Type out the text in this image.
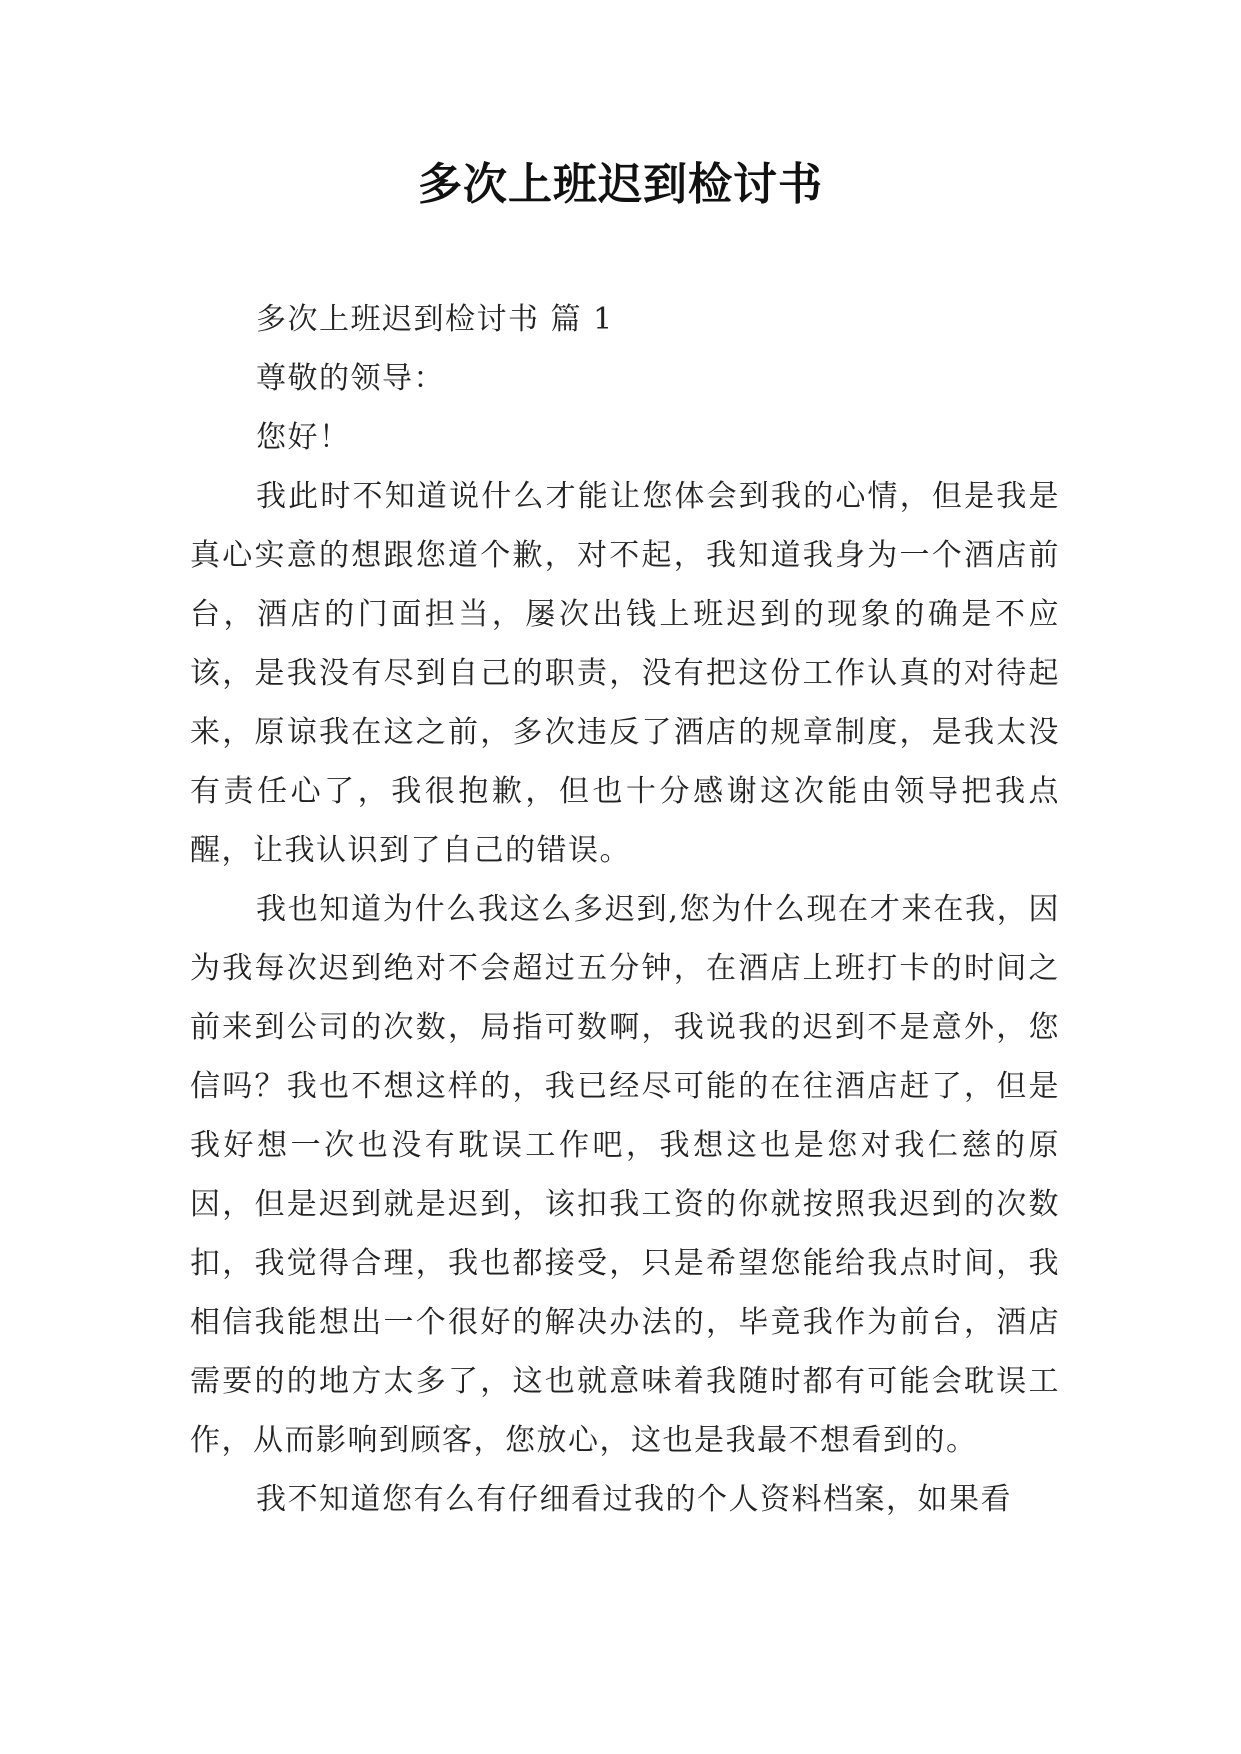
多次上班迟到检讨书

多次上班迟到检讨书 篇 1

尊敬的领导：

您好！

我此时不知道说什么才能让您体会到我的心情，但是我是真心实意的想跟您道个歉，对不起，我知道我身为一个酒店前台，酒店的门面担当，屡次出钱上班迟到的现象的确是不应该，是我没有尽到自己的职责，没有把这份工作认真的对待起来，原谅我在这之前，多次违反了酒店的规章制度，是我太没有责任心了，我很抱歉，但也十分感谢这次能由领导把我点醒，让我认识到了自己的错误。

我也知道为什么我这么多迟到,您为什么现在才来在我，因为我每次迟到绝对不会超过五分钟，在酒店上班打卡的时间之前来到公司的次数，局指可数啊，我说我的迟到不是意外，您信吗？我也不想这样的，我已经尽可能的在往酒店赶了，但是我好想一次也没有耽误工作吧，我想这也是您对我仁慈的原因，但是迟到就是迟到，该扣我工资的你就按照我迟到的次数扣，我觉得合理，我也都接受，只是希望您能给我点时间，我相信我能想出一个很好的解决办法的，毕竟我作为前台，酒店需要的的地方太多了，这也就意味着我随时都有可能会耽误工作，从而影响到顾客，您放心，这也是我最不想看到的。

我不知道您有么有仔细看过我的个人资料档案，如果看
